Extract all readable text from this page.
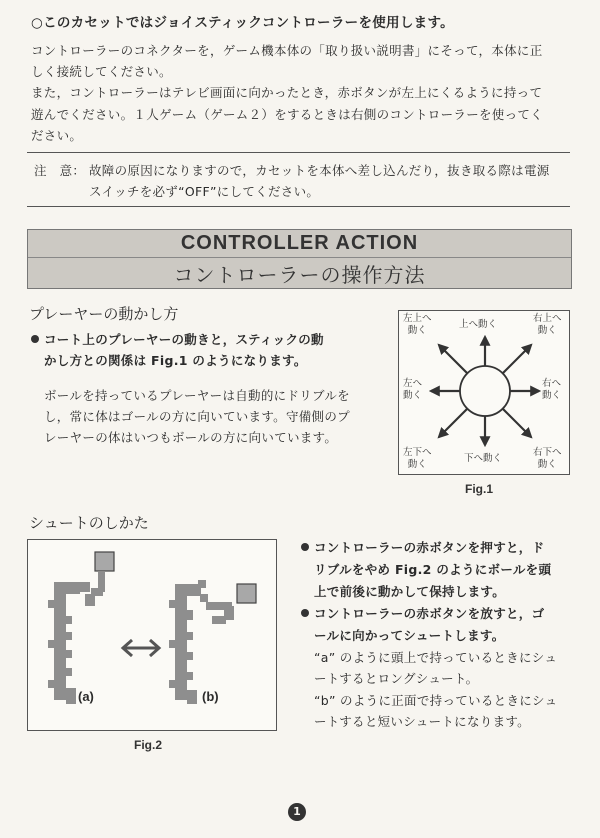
○このカセットではジョイスティックコントローラーを使用します。
コントローラーのコネクターを，ゲーム機本体の「取り扱い説明書」にそって，本体に正
しく接続してください。
また，コントローラーはテレビ画面に向かったとき，赤ボタンが左上にくるように持って
遊んでください。１人ゲーム（ゲーム２）をするときは右側のコントローラーを使ってく
ださい。
注　意： 故障の原因になりますので，カセットを本体へ差し込んだり，抜き取る際は電源
スイッチを必ず“OFF”にしてください。
CONTROLLER ACTION
コントローラーの操作方法
プレーヤーの動かし方
コート上のプレーヤーの動きと，スティックの動
かし方との関係は Fig.1 のようになります。
ボールを持っているプレーヤーは自動的にドリブルを
し，常に体はゴールの方に向いています。守備側のプ
レーヤーの体はいつもボールの方に向いています。
左上へ
動く
上へ動く
右上へ
動く
左へ
動く
右へ
動く
左下へ
動く
下へ動く
右下へ
動く
Fig.1
シュートのしかた
(a)	(b)
Fig.2
コントローラーの赤ボタンを押すと，ド
リブルをやめ Fig.2 のようにボールを頭
上で前後に動かして保持します。
コントローラーの赤ボタンを放すと，ゴ
ールに向かってシュートします。
“a” のように頭上で持っているときにシュ
ートするとロングシュート。
“b” のように正面で持っているときにシュ
ートすると短いシュートになります。
1
